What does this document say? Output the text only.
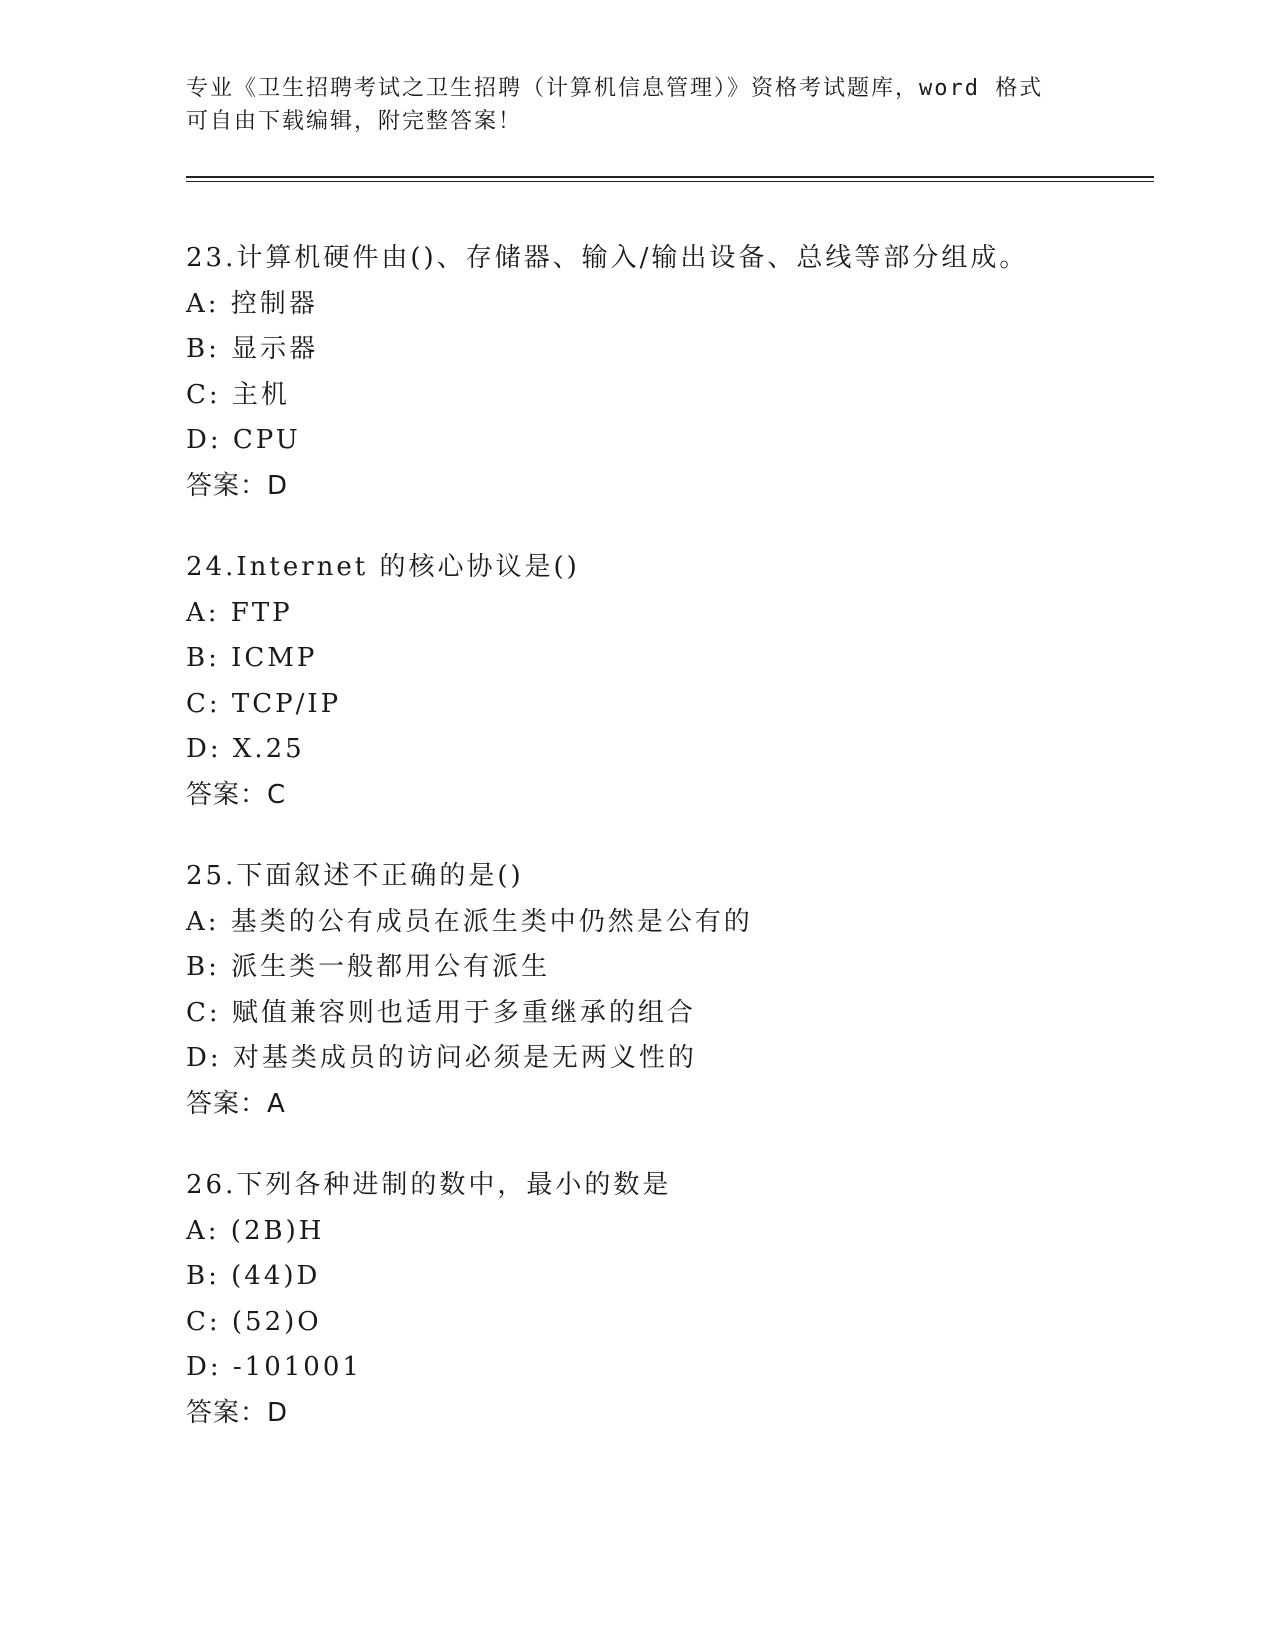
专业《卫生招聘考试之卫生招聘（计算机信息管理）》资格考试题库，word 格式
可自由下载编辑，附完整答案！
23.计算机硬件由()、存储器、输入/输出设备、总线等部分组成。
A: 控制器
B: 显示器
C: 主机
D: CPU
答案：D
24.Internet 的核心协议是()
A: FTP
B: ICMP
C: TCP/IP
D: X.25
答案：C
25.下面叙述不正确的是()
A: 基类的公有成员在派生类中仍然是公有的
B: 派生类一般都用公有派生
C: 赋值兼容则也适用于多重继承的组合
D: 对基类成员的访问必须是无两义性的
答案：A
26.下列各种进制的数中，最小的数是
A: (2B)H
B: (44)D
C: (52)O
D: -101001
答案：D
